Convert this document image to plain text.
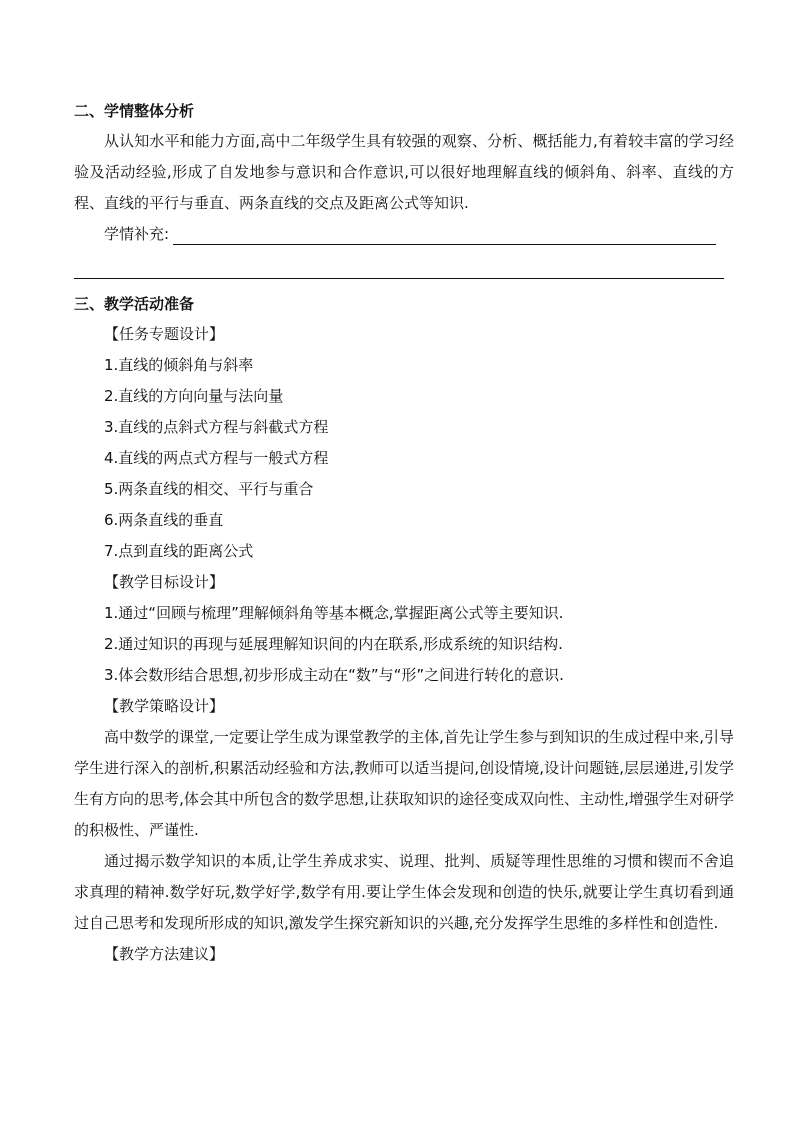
二、学情整体分析

从认知水平和能力方面,高中二年级学生具有较强的观察、分析、概括能力,有着较丰富的学习经验及活动经验,形成了自发地参与意识和合作意识,可以很好地理解直线的倾斜角、斜率、直线的方程、直线的平行与垂直、两条直线的交点及距离公式等知识.

学情补充:

三、教学活动准备

【任务专题设计】

1.直线的倾斜角与斜率

2.直线的方向向量与法向量

3.直线的点斜式方程与斜截式方程

4.直线的两点式方程与一般式方程

5.两条直线的相交、平行与重合

6.两条直线的垂直

7.点到直线的距离公式

【教学目标设计】

1.通过“回顾与梳理”理解倾斜角等基本概念,掌握距离公式等主要知识.

2.通过知识的再现与延展理解知识间的内在联系,形成系统的知识结构.

3.体会数形结合思想,初步形成主动在“数”与“形”之间进行转化的意识.

【教学策略设计】

高中数学的课堂,一定要让学生成为课堂教学的主体,首先让学生参与到知识的生成过程中来,引导学生进行深入的剖析,积累活动经验和方法,教师可以适当提问,创设情境,设计问题链,层层递进,引发学生有方向的思考,体会其中所包含的数学思想,让获取知识的途径变成双向性、主动性,增强学生对研学的积极性、严谨性.

通过揭示数学知识的本质,让学生养成求实、说理、批判、质疑等理性思维的习惯和锲而不舍追求真理的精神.数学好玩,数学好学,数学有用.要让学生体会发现和创造的快乐,就要让学生真切看到通过自己思考和发现所形成的知识,激发学生探究新知识的兴趣,充分发挥学生思维的多样性和创造性.

【教学方法建议】
